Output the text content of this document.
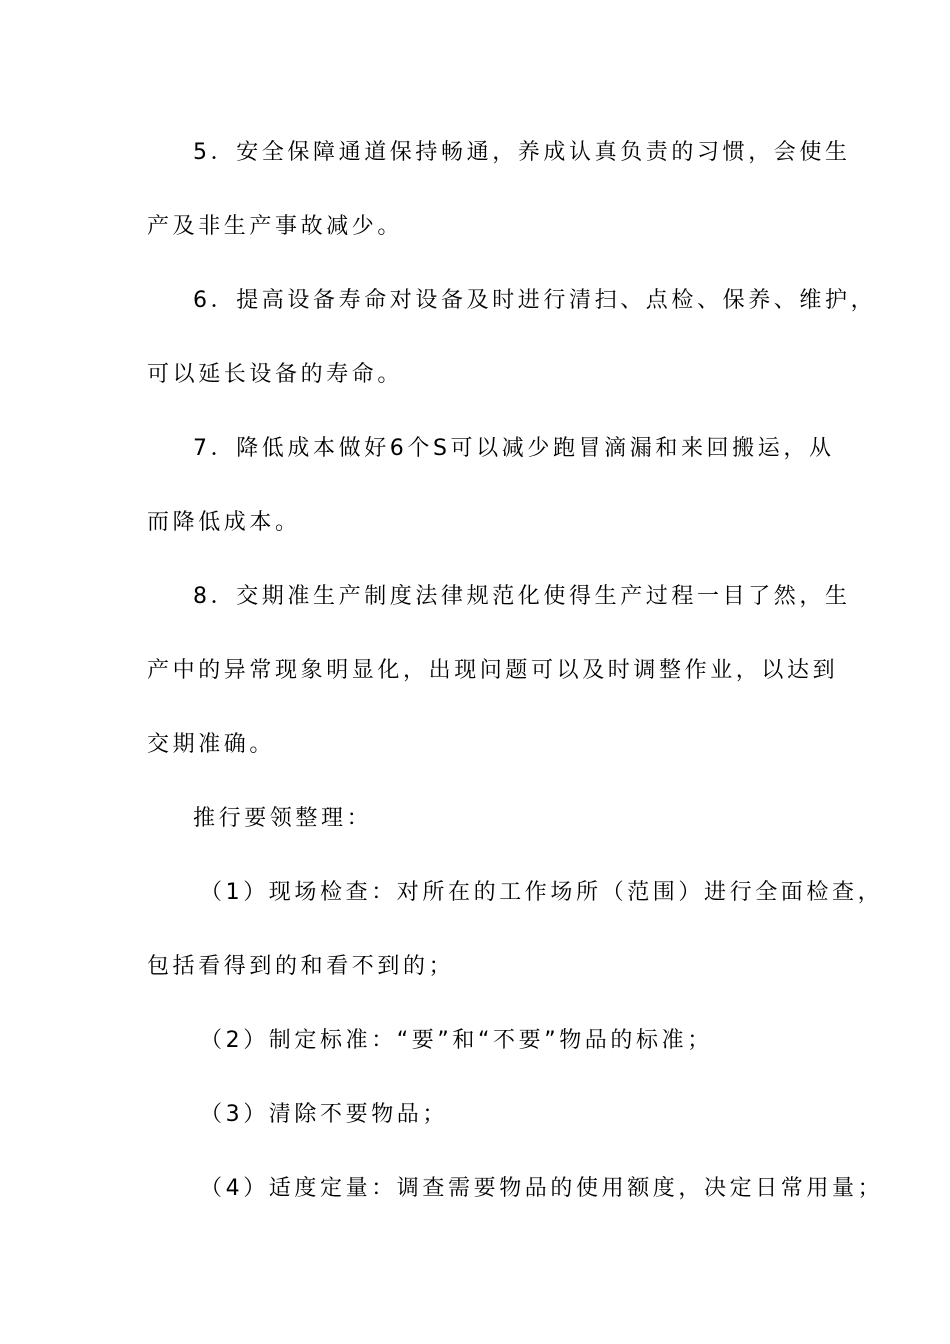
5．安全保障通道保持畅通，养成认真负责的习惯，会使生

产及非生产事故减少。

6．提高设备寿命对设备及时进行清扫、点检、保养、维护，

可以延长设备的寿命。

7．降低成本做好6个S可以减少跑冒滴漏和来回搬运，从

而降低成本。

8．交期准生产制度法律规范化使得生产过程一目了然，生

产中的异常现象明显化，出现问题可以及时调整作业，以达到

交期准确。

推行要领整理：

（1）现场检查：对所在的工作场所（范围）进行全面检查，

包括看得到的和看不到的；

（2）制定标准：“要”和“不要”物品的标准；

（3）清除不要物品；

（4）适度定量：调查需要物品的使用额度，决定日常用量；
